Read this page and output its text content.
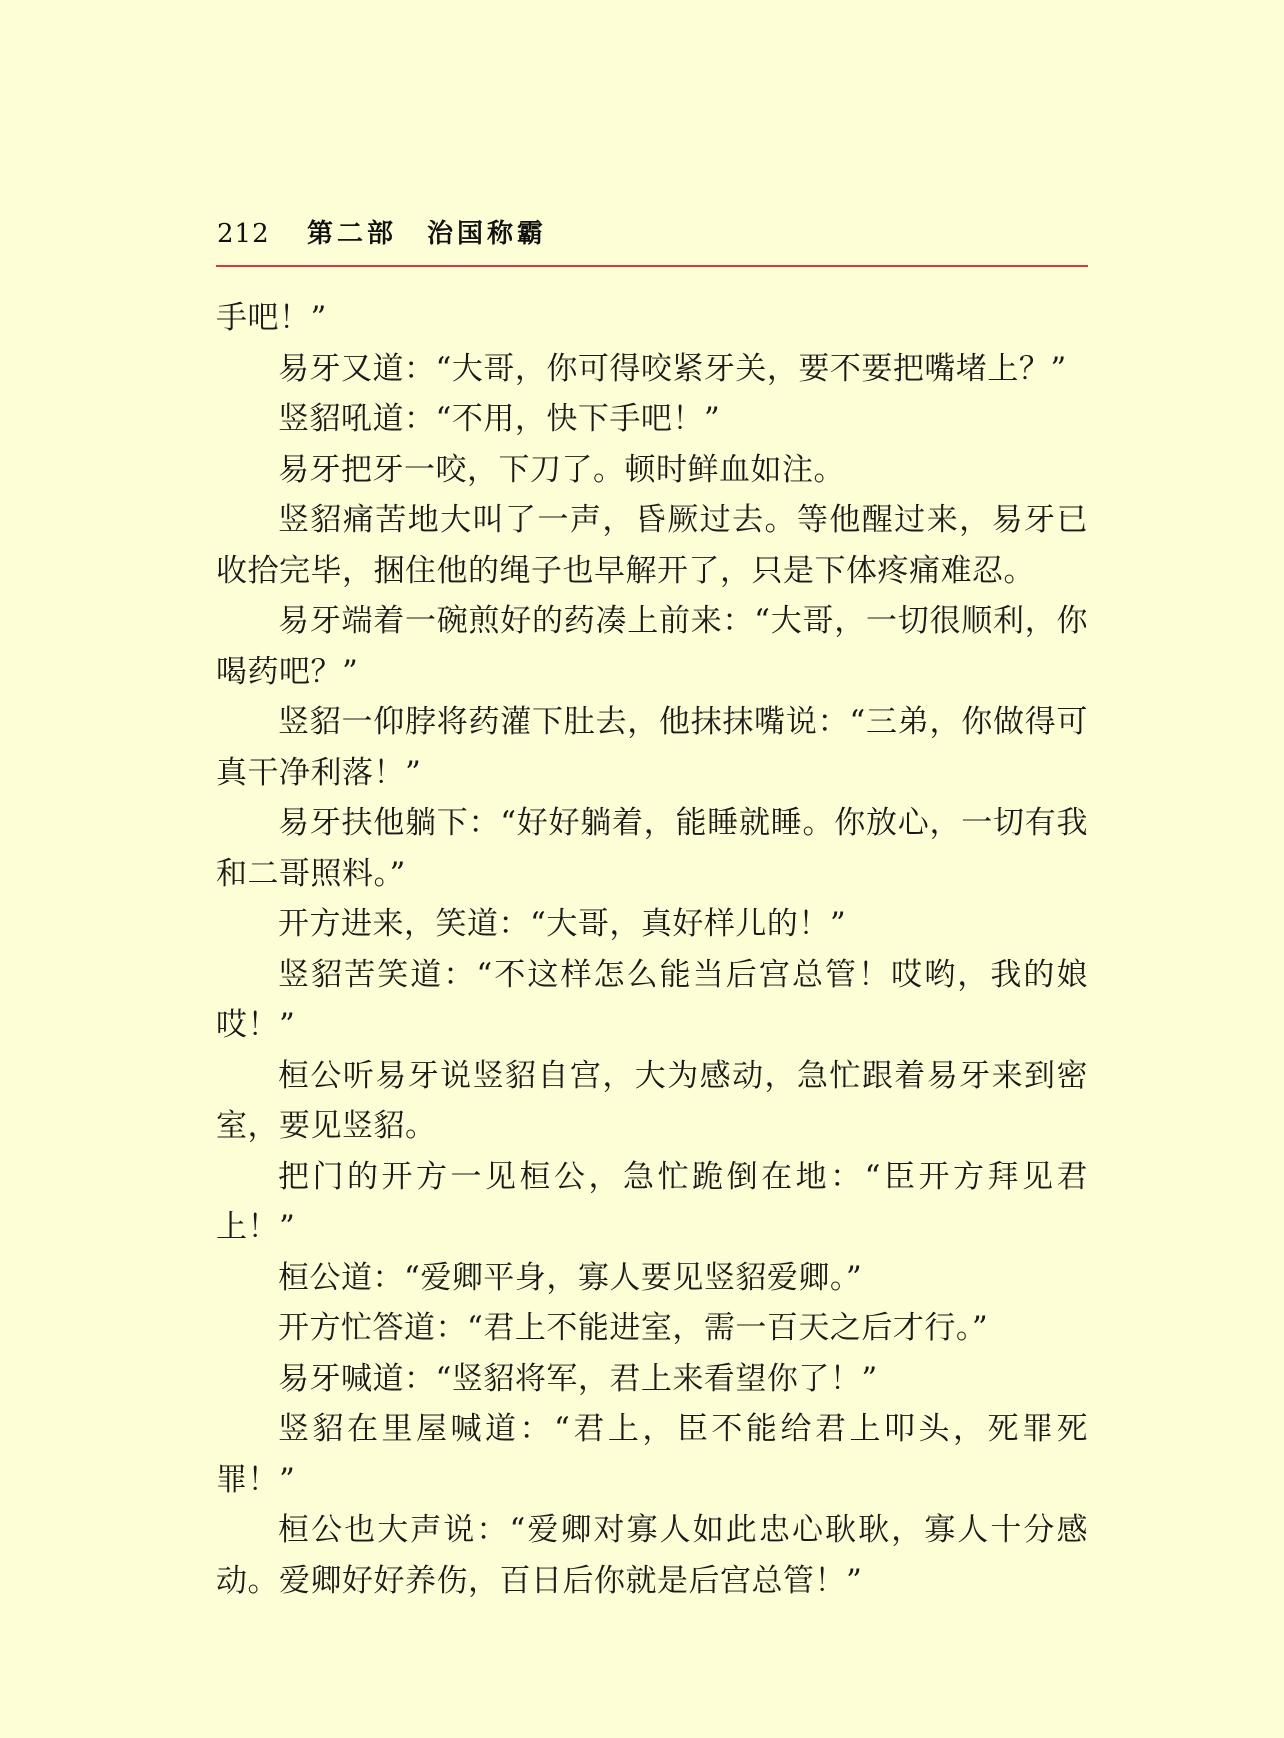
212 第二部 治国称霸

手吧！”

易牙又道：“大哥，你可得咬紧牙关，要不要把嘴堵上？”

竖貂吼道：“不用，快下手吧！”

易牙把牙一咬，下刀了。顿时鲜血如注。

竖貂痛苦地大叫了一声，昏厥过去。等他醒过来，易牙已收拾完毕，捆住他的绳子也早解开了，只是下体疼痛难忍。

易牙端着一碗煎好的药凑上前来：“大哥，一切很顺利，你喝药吧？”

竖貂一仰脖将药灌下肚去，他抹抹嘴说：“三弟，你做得可真干净利落！”

易牙扶他躺下：“好好躺着，能睡就睡。你放心，一切有我和二哥照料。”

开方进来，笑道：“大哥，真好样儿的！”

竖貂苦笑道：“不这样怎么能当后宫总管！哎哟，我的娘哎！”

桓公听易牙说竖貂自宫，大为感动，急忙跟着易牙来到密室，要见竖貂。

把门的开方一见桓公，急忙跪倒在地：“臣开方拜见君上！”

桓公道：“爱卿平身，寡人要见竖貂爱卿。”

开方忙答道：“君上不能进室，需一百天之后才行。”

易牙喊道：“竖貂将军，君上来看望你了！”

竖貂在里屋喊道：“君上，臣不能给君上叩头，死罪死罪！”

桓公也大声说：“爱卿对寡人如此忠心耿耿，寡人十分感动。爱卿好好养伤，百日后你就是后宫总管！”
